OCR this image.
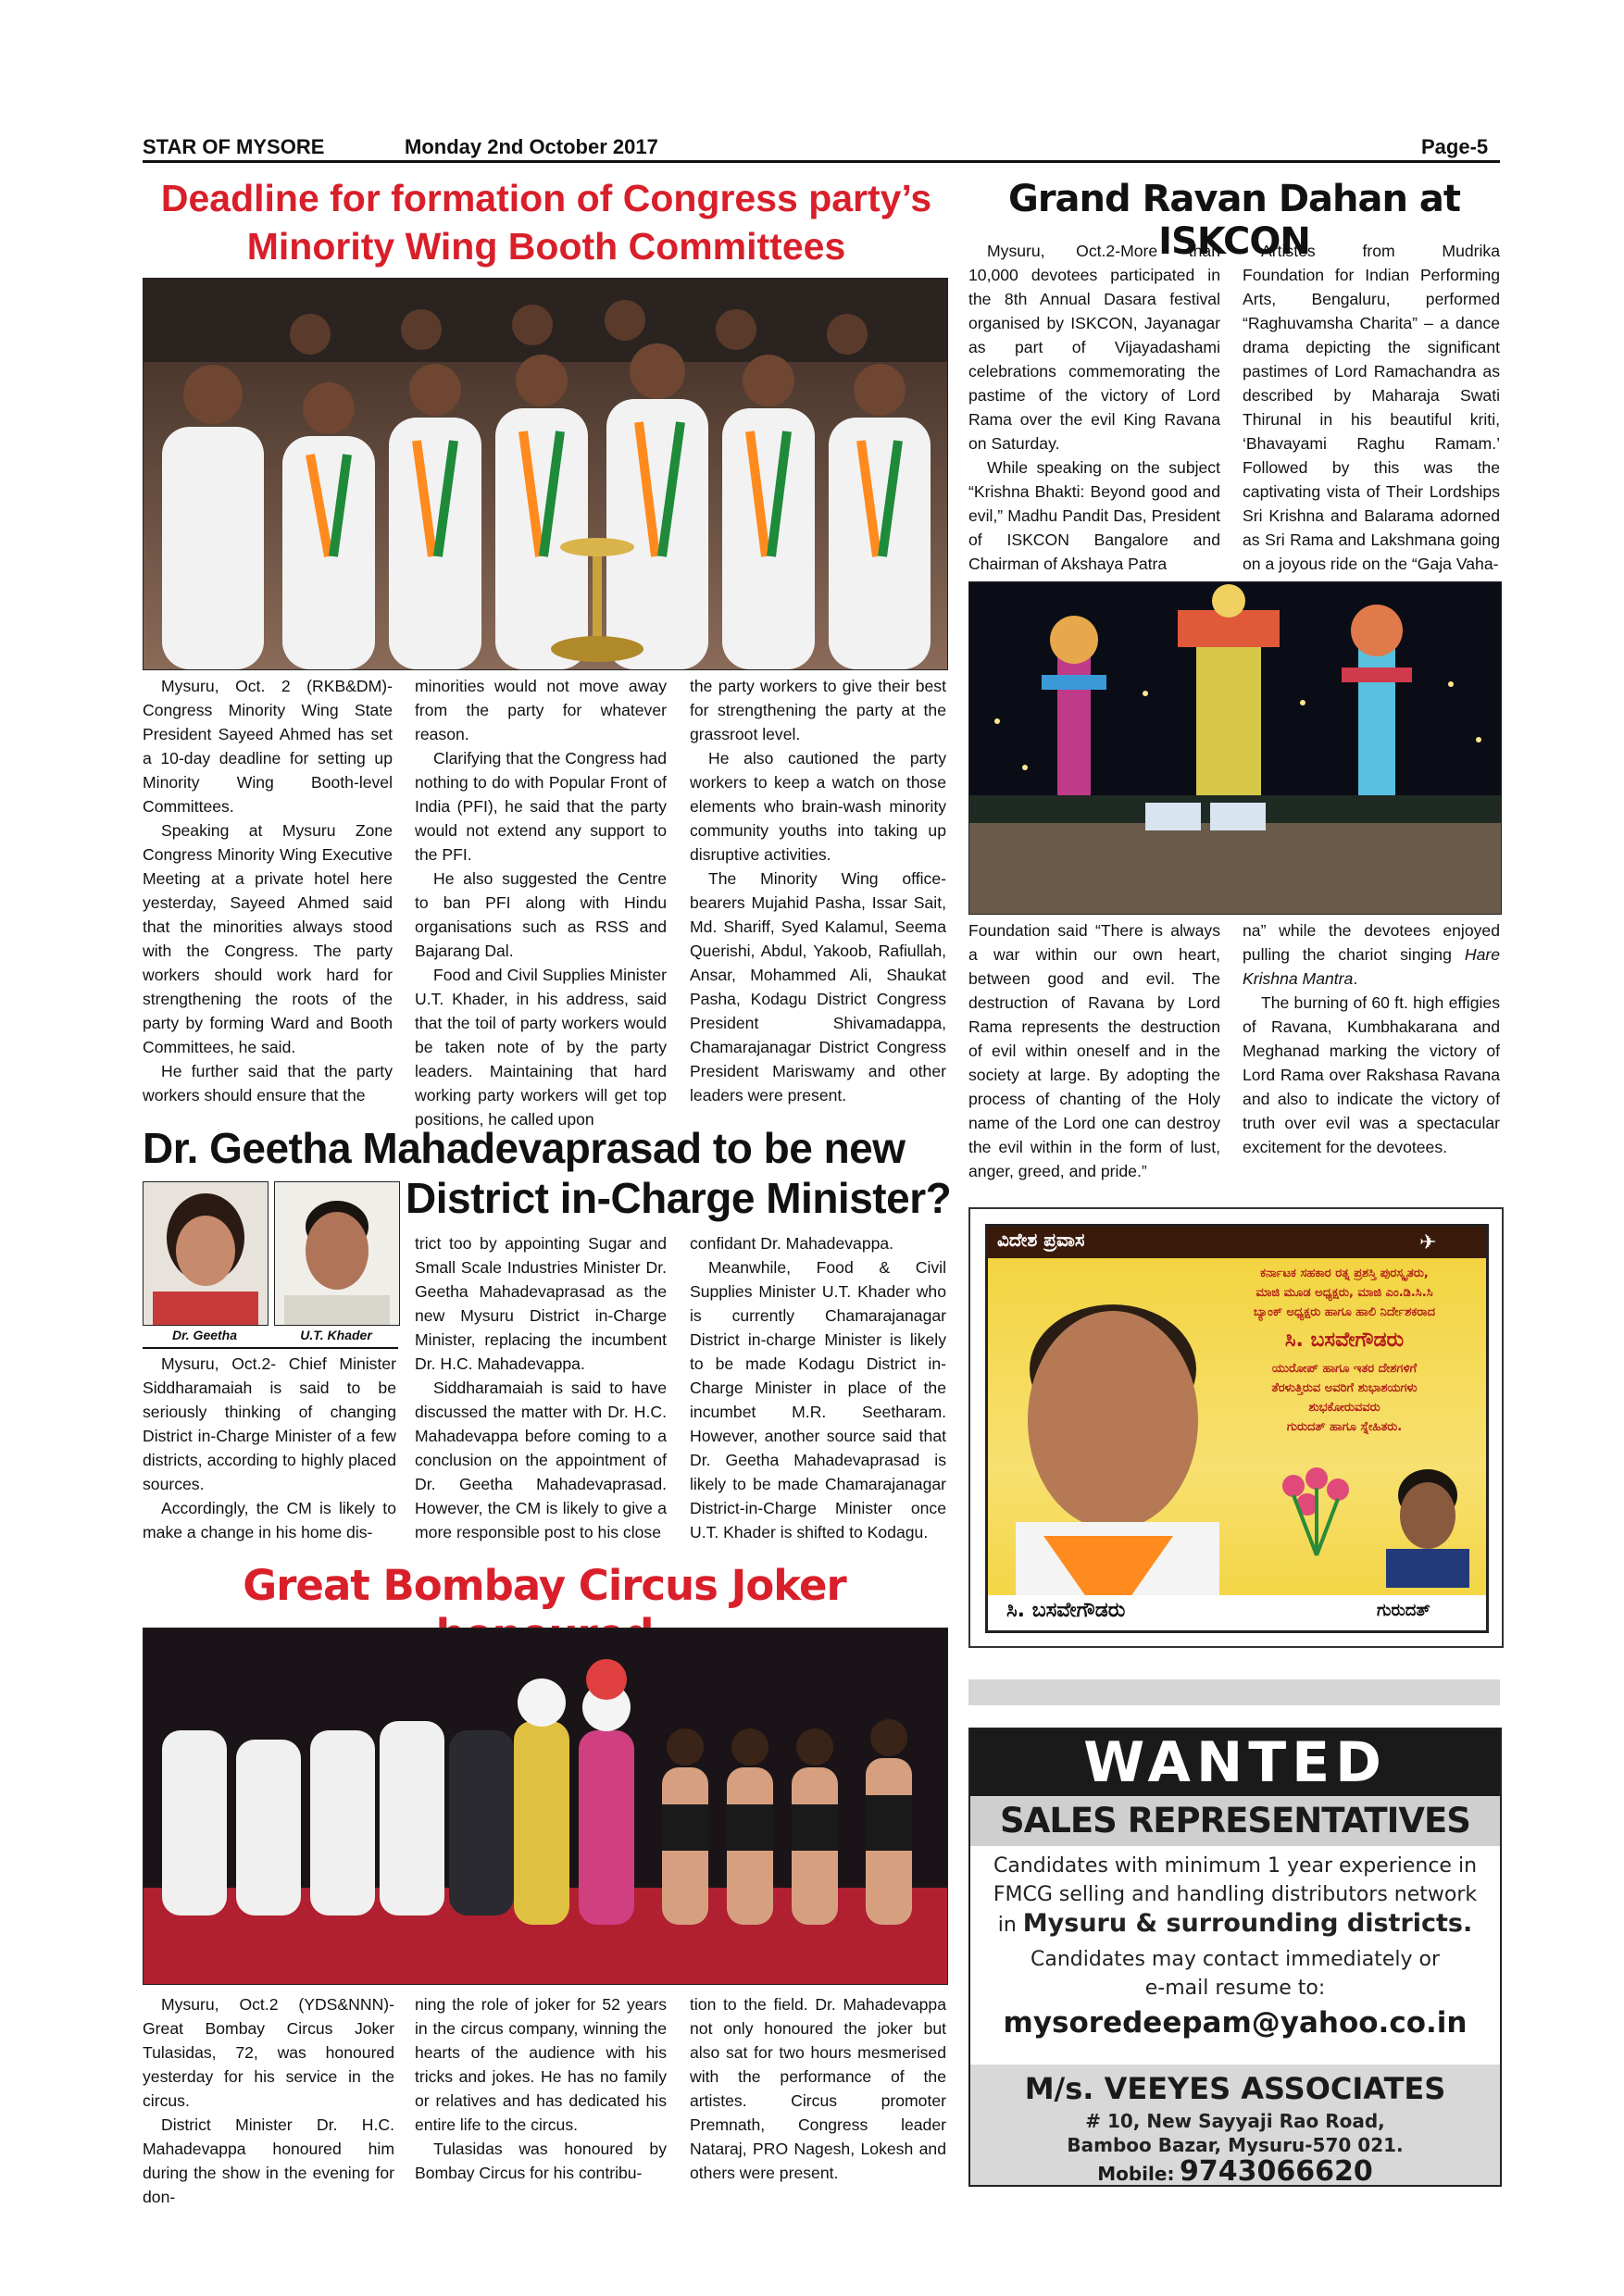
STAR OF MYSORE	Monday 2nd October 2017	Page-5
Deadline for formation of Congress party’s
Minority Wing Booth Committees

Mysuru, Oct. 2 (RKB&DM)- Congress Minority Wing State President Sayeed Ahmed has set a 10-day deadline for setting up Minority Wing Booth-level Committees.

Speaking at Mysuru Zone Congress Minority Wing Executive Meeting at a private hotel here yesterday, Sayeed Ahmed said that the minorities always stood with the Congress. The party workers should work hard for strengthening the roots of the party by forming Ward and Booth Committees, he said.

He further said that the party workers should ensure that the

minorities would not move away from the party for whatever reason.

Clarifying that the Congress had nothing to do with Popular Front of India (PFI), he said that the party would not extend any support to the PFI.

He also suggested the Centre to ban PFI along with Hindu organisations such as RSS and Bajarang Dal.

Food and Civil Supplies Minister U.T. Khader, in his address, said that the toil of party workers would be taken note of by the party leaders. Maintaining that hard working party workers will get top positions, he called upon

the party workers to give their best for strengthening the party at the grassroot level.

He also cautioned the party workers to keep a watch on those elements who brain-wash minority community youths into taking up disruptive activities.

The Minority Wing office- bearers Mujahid Pasha, Issar Sait, Md. Shariff, Syed Kalamul, Seema Querishi, Abdul, Yakoob, Rafiullah, Ansar, Mohammed Ali, Shaukat Pasha, Kodagu District Congress President Shivamadappa, Chamarajanagar District Congress President Mariswamy and other leaders were present.

Grand Ravan Dahan at ISKCON

Mysuru, Oct.2-More than 10,000 devotees participated in the 8th Annual Dasara festival organised by ISKCON, Jayanagar as part of Vijayadashami celebrations commemorating the pastime of the victory of Lord Rama over the evil King Ravana on Saturday.

While speaking on the subject “Krishna Bhakti: Beyond good and evil,” Madhu Pandit Das, President of ISKCON Bangalore and Chairman of Akshaya Patra

Artistes from Mudrika Foundation for Indian Performing Arts, Bengaluru, performed “Raghuvamsha Charita” – a dance drama depicting the significant pastimes of Lord Ramachandra as described by Maharaja Swati Thirunal in his beautiful kriti, ‘Bhavayami Raghu Ramam.’ Followed by this was the captivating vista of Their Lordships Sri Krishna and Balarama adorned as Sri Rama and Lakshmana going on a joyous ride on the “Gaja Vaha-

Foundation said “There is always a war within our own heart, between good and evil. The destruction of Ravana by Lord Rama represents the destruction of evil within oneself and in the society at large. By adopting the process of chanting of the Holy name of the Lord one can destroy the evil within in the form of lust, anger, greed, and pride.”

na” while the devotees enjoyed pulling the chariot singing Hare Krishna Mantra.

The burning of 60 ft. high effigies of Ravana, Kumbhakarana and Meghanad marking the victory of Lord Rama over Rakshasa Ravana and also to indicate the victory of truth over evil was a spectacular excitement for the devotees.

Dr. Geetha Mahadevaprasad to be new
District in-Charge Minister?
Dr. Geetha	U.T. Khader

Mysuru, Oct.2- Chief Minister Siddharamaiah is said to be seriously thinking of changing District in-Charge Minister of a few districts, according to highly placed sources.

Accordingly, the CM is likely to make a change in his home dis-

trict too by appointing Sugar and Small Scale Industries Minister Dr. Geetha Mahadevaprasad as the new Mysuru District in-Charge Minister, replacing the incumbent Dr. H.C. Mahadevappa.

Siddharamaiah is said to have discussed the matter with Dr. H.C. Mahadevappa before coming to a conclusion on the appointment of Dr. Geetha Mahadevaprasad. However, the CM is likely to give a more responsible post to his close

confidant Dr. Mahadevappa.

Meanwhile, Food & Civil Supplies Minister U.T. Khader who is currently Chamarajanagar District in-charge Minister is likely to be made Kodagu District in-Charge Minister in place of the incumbet M.R. Seetharam. However, another source said that Dr. Geetha Mahadevaprasad is likely to be made Chamarajanagar District-in-Charge Minister once U.T. Khader is shifted to Kodagu.

Great Bombay Circus Joker

Mysuru, Oct.2 (YDS&NNN)- Great Bombay Circus Joker Tulasidas, 72, was honoured yesterday for his service in the circus.

District Minister Dr. H.C. Mahadevappa honoured him during the show in the evening for don-

ning the role of joker for 52 years in the circus company, winning the hearts of the audience with his tricks and jokes. He has no family or relatives and has dedicated his entire life to the circus.

Tulasidas was honoured by Bombay Circus for his contribu-

tion to the field. Dr. Mahadevappa not only honoured the joker but also sat for two hours mesmerised with the performance of the artistes. Circus promoter Premnath, Congress leader Nataraj, PRO Nagesh, Lokesh and others were present.

ವಿದೇಶ ಪ್ರವಾಸ	✈
ಕರ್ನಾಟಕ ಸಹಕಾರ ರತ್ನ ಪ್ರಶಸ್ತಿ ಪುರಸ್ಕೃತರು,
ಮಾಜಿ ಮೂಡ ಅಧ್ಯಕ್ಷರು, ಮಾಜಿ ಎಂ.ಡಿ.ಸಿ.ಸಿ
ಬ್ಯಾಂಕ್ ಅಧ್ಯಕ್ಷರು ಹಾಗೂ ಹಾಲಿ ನಿರ್ದೇಶಕರಾದ
ಸಿ. ಬಸವೇಗೌಡರು
ಯುರೋಪ್ ಹಾಗೂ ಇತರ ದೇಶಗಳಿಗೆ
ತೆರಳುತ್ತಿರುವ ಅವರಿಗೆ ಶುಭಾಶಯಗಳು
ಶುಭಕೋರುವವರು
ಗುರುದತ್ ಹಾಗೂ ಸ್ನೇಹಿತರು.
ಸಿ. ಬಸವೇಗೌಡರು	ಗುರುದತ್
WANTED
SALES REPRESENTATIVES
Candidates with minimum 1 year experience in
FMCG selling and handling distributors network
in Mysuru & surrounding districts.
Candidates may contact immediately or
e-mail resume to:
mysoredeepam@yahoo.co.in
M/s. VEEYES ASSOCIATES
# 10, New Sayyaji Rao Road,
Bamboo Bazar, Mysuru-570 021.
Mobile: 9743066620
